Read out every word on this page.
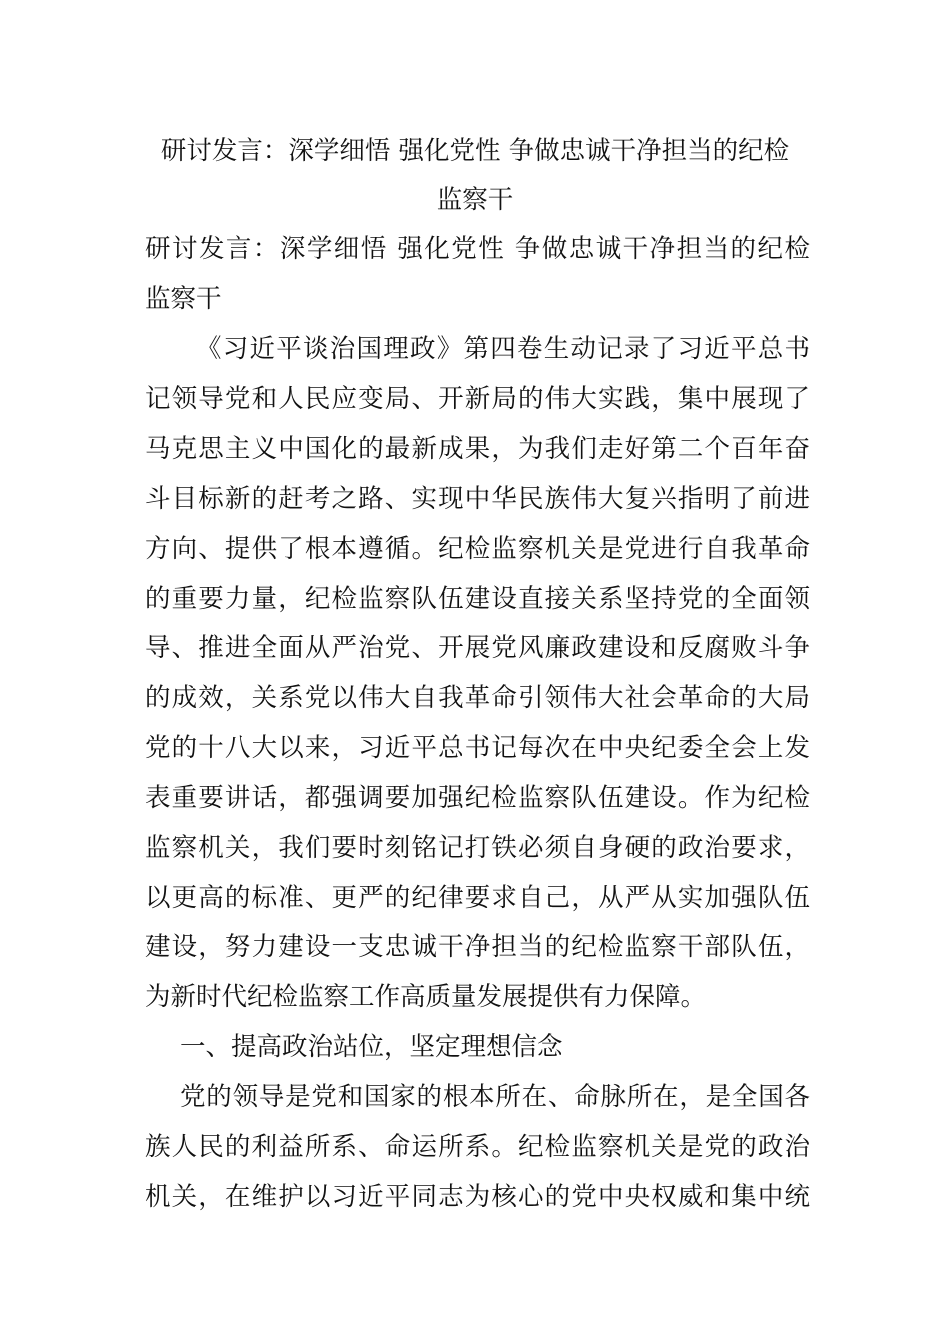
研讨发言：深学细悟 强化党性 争做忠诚干净担当的纪检
监察干
研讨发言：深学细悟 强化党性 争做忠诚干净担当的纪检
监察干
《习近平谈治国理政》第四卷生动记录了习近平总书
记领导党和人民应变局、开新局的伟大实践，集中展现了
马克思主义中国化的最新成果，为我们走好第二个百年奋
斗目标新的赶考之路、实现中华民族伟大复兴指明了前进
方向、提供了根本遵循。纪检监察机关是党进行自我革命
的重要力量，纪检监察队伍建设直接关系坚持党的全面领
导、推进全面从严治党、开展党风廉政建设和反腐败斗争
的成效，关系党以伟大自我革命引领伟大社会革命的大局
党的十八大以来，习近平总书记每次在中央纪委全会上发
表重要讲话，都强调要加强纪检监察队伍建设。作为纪检
监察机关，我们要时刻铭记打铁必须自身硬的政治要求，
以更高的标准、更严的纪律要求自己，从严从实加强队伍
建设，努力建设一支忠诚干净担当的纪检监察干部队伍，
为新时代纪检监察工作高质量发展提供有力保障。
一、提高政治站位，坚定理想信念
党的领导是党和国家的根本所在、命脉所在，是全国各
族人民的利益所系、命运所系。纪检监察机关是党的政治
机关，在维护以习近平同志为核心的党中央权威和集中统
